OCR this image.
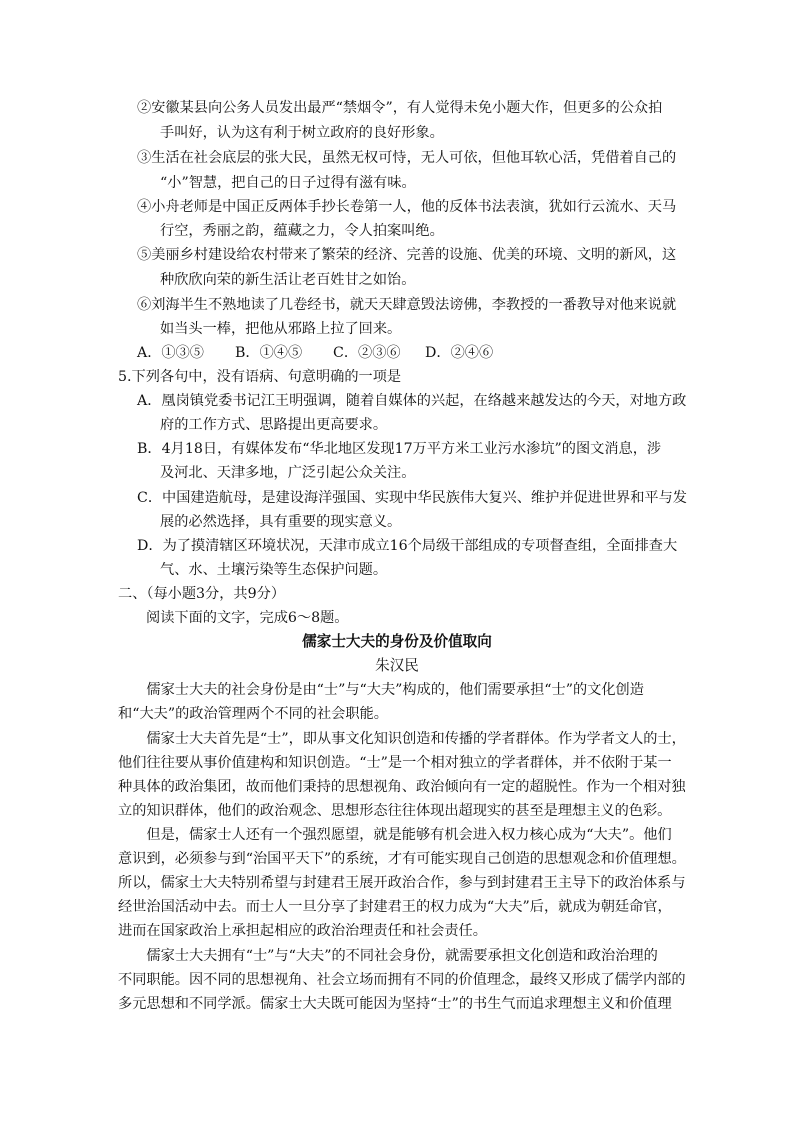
②安徽某县向公务人员发出最严“禁烟令”，有人觉得未免小题大作，但更多的公众拍
手叫好，认为这有利于树立政府的良好形象。
③生活在社会底层的张大民，虽然无权可恃，无人可依，但他耳软心活，凭借着自己的
“小”智慧，把自己的日子过得有滋有味。
④小舟老师是中国正反两体手抄长卷第一人，他的反体书法表演，犹如行云流水、天马
行空，秀丽之韵，蕴藏之力，令人拍案叫绝。
⑤美丽乡村建设给农村带来了繁荣的经济、完善的设施、优美的环境、文明的新风，这
种欣欣向荣的新生活让老百姓甘之如饴。
⑥刘海半生不熟地读了几卷经书，就天天肆意毁法谤佛，李教授的一番教导对他来说就
如当头一棒，把他从邪路上拉了回来。
A．①③⑤ B．①④⑤ C．②③⑥ D．②④⑥
5.下列各句中，没有语病、句意明确的一项是
A．凰岗镇党委书记江王明强调，随着自媒体的兴起，在络越来越发达的今天，对地方政
府的工作方式、思路提出更高要求。
B．4月18日，有媒体发布“华北地区发现17万平方米工业污水渗坑”的图文消息，涉
及河北、天津多地，广泛引起公众关注。
C．中国建造航母，是建设海洋强国、实现中华民族伟大复兴、维护并促进世界和平与发
展的必然选择，具有重要的现实意义。
D．为了摸清辖区环境状况，天津市成立16个局级干部组成的专项督查组，全面排查大
气、水、土壤污染等生态保护问题。
二、（每小题3分，共9分）
阅读下面的文字，完成6～8题。
儒家士大夫的身份及价值取向
朱汉民
　　儒家士大夫的社会身份是由“士”与“大夫”构成的，他们需要承担“士”的文化创造
和“大夫”的政治管理两个不同的社会职能。
　　儒家士大夫首先是“士”，即从事文化知识创造和传播的学者群体。作为学者文人的士，
他们往往要从事价值建构和知识创造。“士”是一个相对独立的学者群体，并不依附于某一
种具体的政治集团，故而他们秉持的思想视角、政治倾向有一定的超脱性。作为一个相对独
立的知识群体，他们的政治观念、思想形态往往体现出超现实的甚至是理想主义的色彩。
　　但是，儒家士人还有一个强烈愿望，就是能够有机会进入权力核心成为“大夫”。他们
意识到，必须参与到“治国平天下”的系统，才有可能实现自己创造的思想观念和价值理想。
所以，儒家士大夫特别希望与封建君王展开政治合作，参与到封建君王主导下的政治体系与
经世治国活动中去。而士人一旦分享了封建君王的权力成为“大夫”后，就成为朝廷命官，
进而在国家政治上承担起相应的政治治理责任和社会责任。
　　儒家士大夫拥有“士”与“大夫”的不同社会身份，就需要承担文化创造和政治治理的
不同职能。因不同的思想视角、社会立场而拥有不同的价值理念，最终又形成了儒学内部的
多元思想和不同学派。儒家士大夫既可能因为坚持“士”的书生气而追求理想主义和价值理
